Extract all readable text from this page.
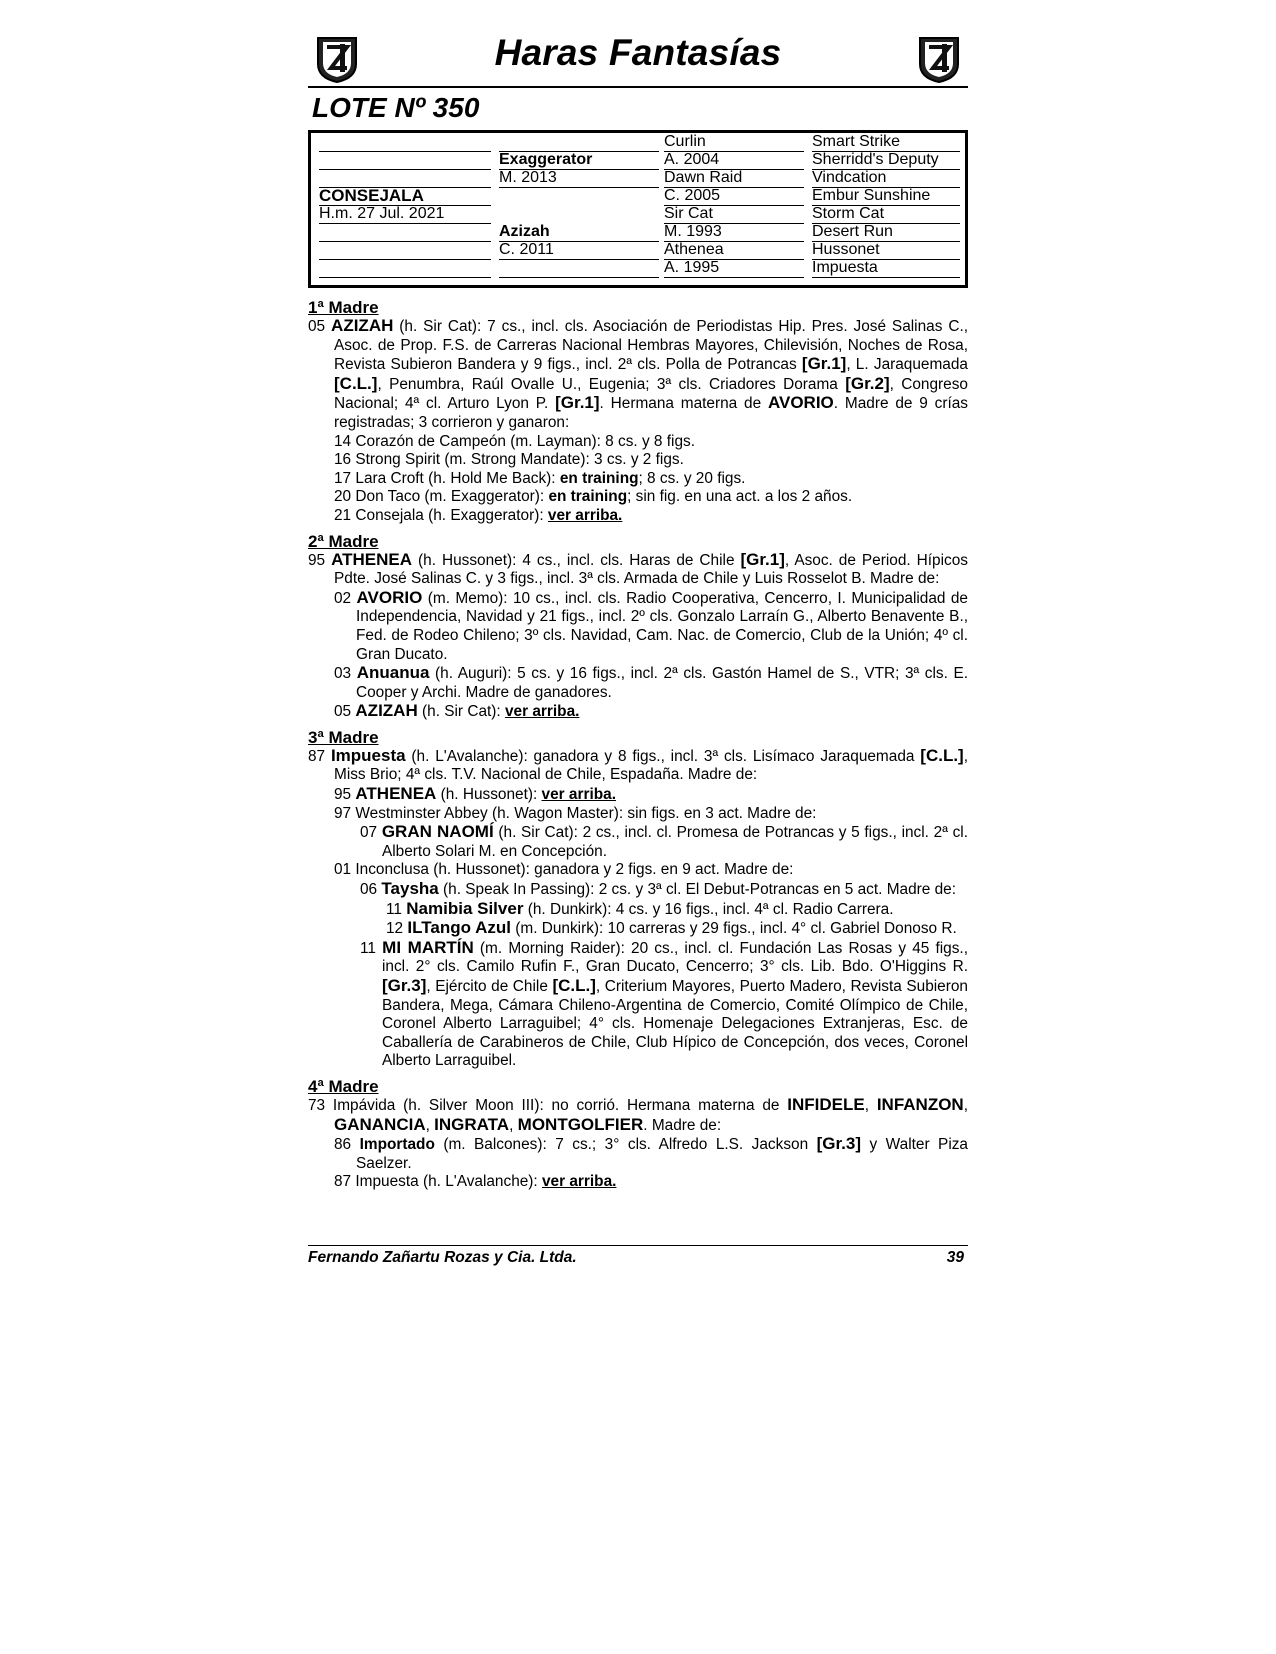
Haras Fantasías
LOTE Nº 350
CONSEJALA
H.m. 27 Jul. 2021
Exaggerator
M. 2013
Azizah
C. 2011
Curlin
A. 2004
Dawn Raid
C. 2005
Sir Cat
M. 1993
Athenea
A. 1995
Smart Strike
Sherridd's Deputy
Vindcation
Embur Sunshine
Storm Cat
Desert Run
Hussonet
Impuesta
1ª Madre

05 AZIZAH (h. Sir Cat): 7 cs., incl. cls. Asociación de Periodistas Hip. Pres. José Salinas C., Asoc. de Prop. F.S. de Carreras Nacional Hembras Mayores, Chilevisión, Noches de Rosa, Revista Subieron Bandera y 9 figs., incl. 2ª cls. Polla de Potrancas [Gr.1], L. Jaraquemada [C.L.], Penumbra, Raúl Ovalle U., Eugenia; 3ª cls. Criadores Dorama [Gr.2], Congreso Nacional; 4ª cl. Arturo Lyon P. [Gr.1]. Hermana materna de AVORIO. Madre de 9 crías registradas; 3 corrieron y ganaron:

14 Corazón de Campeón (m. Layman): 8 cs. y 8 figs.

16 Strong Spirit (m. Strong Mandate): 3 cs. y 2 figs.

17 Lara Croft (h. Hold Me Back): en training; 8 cs. y 20 figs.

20 Don Taco (m. Exaggerator): en training; sin fig. en una act. a los 2 años.

21 Consejala (h. Exaggerator): ver arriba.

2ª Madre

95 ATHENEA (h. Hussonet): 4 cs., incl. cls. Haras de Chile [Gr.1], Asoc. de Period. Hípicos Pdte. José Salinas C. y 3 figs., incl. 3ª cls. Armada de Chile y Luis Rosselot B. Madre de:

02 AVORIO (m. Memo): 10 cs., incl. cls. Radio Cooperativa, Cencerro, I. Municipalidad de Independencia, Navidad y 21 figs., incl. 2º cls. Gonzalo Larraín G., Alberto Benavente B., Fed. de Rodeo Chileno; 3º cls. Navidad, Cam. Nac. de Comercio, Club de la Unión; 4º cl. Gran Ducato.

03 Anuanua (h. Auguri): 5 cs. y 16 figs., incl. 2ª cls. Gastón Hamel de S., VTR; 3ª cls. E. Cooper y Archi. Madre de ganadores.

05 AZIZAH (h. Sir Cat): ver arriba.

3ª Madre

87 Impuesta (h. L'Avalanche): ganadora y 8 figs., incl. 3ª cls. Lisímaco Jaraquemada [C.L.], Miss Brio; 4ª cls. T.V. Nacional de Chile, Espadaña. Madre de:

95 ATHENEA (h. Hussonet): ver arriba.

97 Westminster Abbey (h. Wagon Master): sin figs. en 3 act. Madre de:

07 GRAN NAOMÍ (h. Sir Cat): 2 cs., incl. cl. Promesa de Potrancas y 5 figs., incl. 2ª cl. Alberto Solari M. en Concepción.

01 Inconclusa (h. Hussonet): ganadora y 2 figs. en 9 act. Madre de:

06 Taysha (h. Speak In Passing): 2 cs. y 3ª cl. El Debut-Potrancas en 5 act. Madre de:

11 Namibia Silver (h. Dunkirk): 4 cs. y 16 figs., incl. 4ª cl. Radio Carrera.

12 ILTango Azul (m. Dunkirk): 10 carreras y 29 figs., incl. 4° cl. Gabriel Donoso R.

11 MI MARTÍN (m. Morning Raider): 20 cs., incl. cl. Fundación Las Rosas y 45 figs., incl. 2° cls. Camilo Rufin F., Gran Ducato, Cencerro; 3° cls. Lib. Bdo. O'Higgins R. [Gr.3], Ejército de Chile [C.L.], Criterium Mayores, Puerto Madero, Revista Subieron Bandera, Mega, Cámara Chileno-Argentina de Comercio, Comité Olímpico de Chile, Coronel Alberto Larraguibel; 4° cls. Homenaje Delegaciones Extranjeras, Esc. de Caballería de Carabineros de Chile, Club Hípico de Concepción, dos veces, Coronel Alberto Larraguibel.

4ª Madre

73 Impávida (h. Silver Moon III): no corrió. Hermana materna de INFIDELE, INFANZON, GANANCIA, INGRATA, MONTGOLFIER. Madre de:

86 Importado (m. Balcones): 7 cs.; 3° cls. Alfredo L.S. Jackson [Gr.3] y Walter Piza Saelzer.

87 Impuesta (h. L'Avalanche): ver arriba.

Fernando Zañartu Rozas y Cia. Ltda.	39
